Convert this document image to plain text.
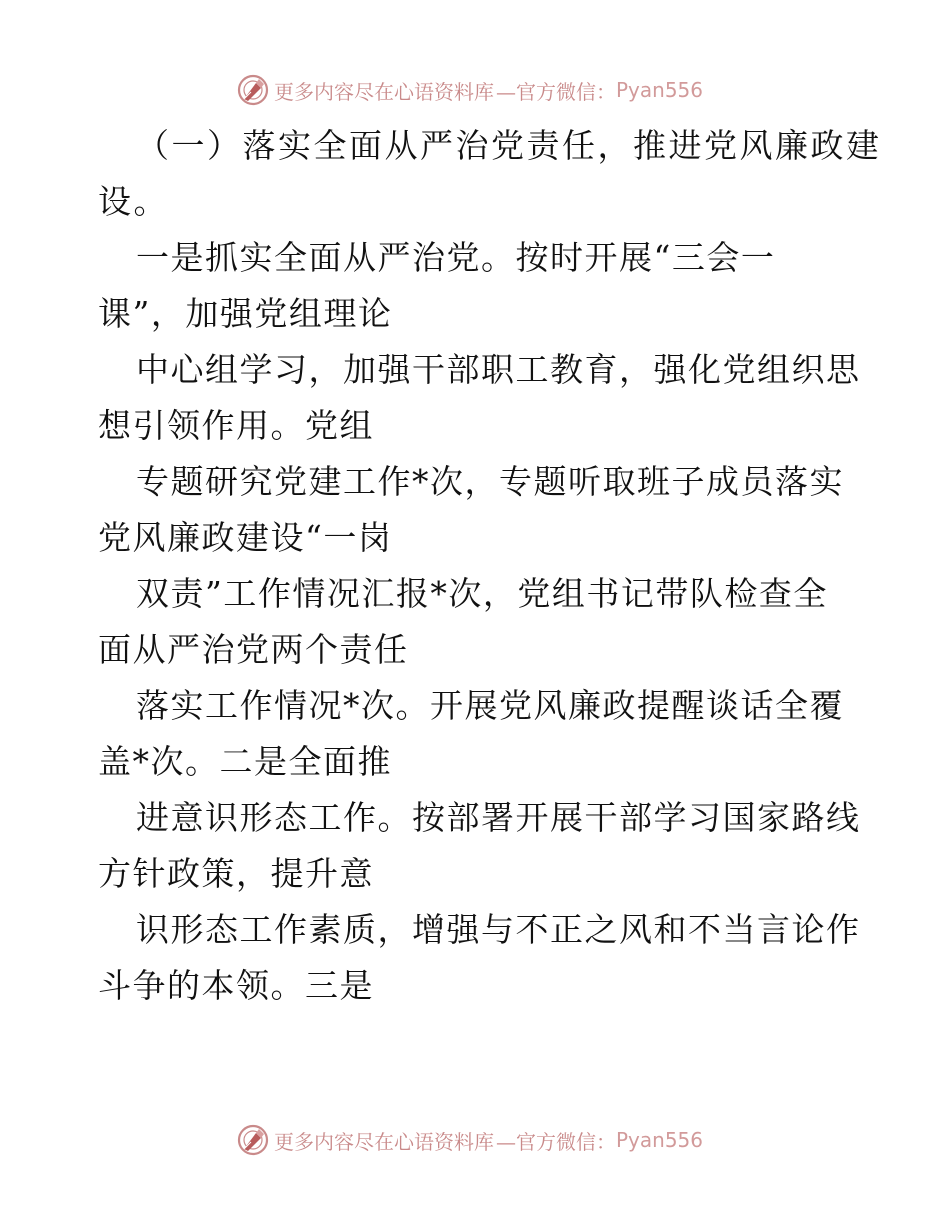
更多内容尽在心语资料库 —官方微信： Pyan556
（一）落实全面从严治党责任，推进党风廉政建
设。
一是抓实全面从严治党。按时开展“三会一
课”，加强党组理论
中心组学习，加强干部职工教育，强化党组织思
想引领作用。党组
专题研究党建工作*次，专题听取班子成员落实
党风廉政建设“一岗
双责”工作情况汇报*次，党组书记带队检查全
面从严治党两个责任
落实工作情况*次。开展党风廉政提醒谈话全覆
盖*次。二是全面推
进意识形态工作。按部署开展干部学习国家路线
方针政策，提升意
识形态工作素质，增强与不正之风和不当言论作
斗争的本领。三是
更多内容尽在心语资料库 —官方微信： Pyan556
